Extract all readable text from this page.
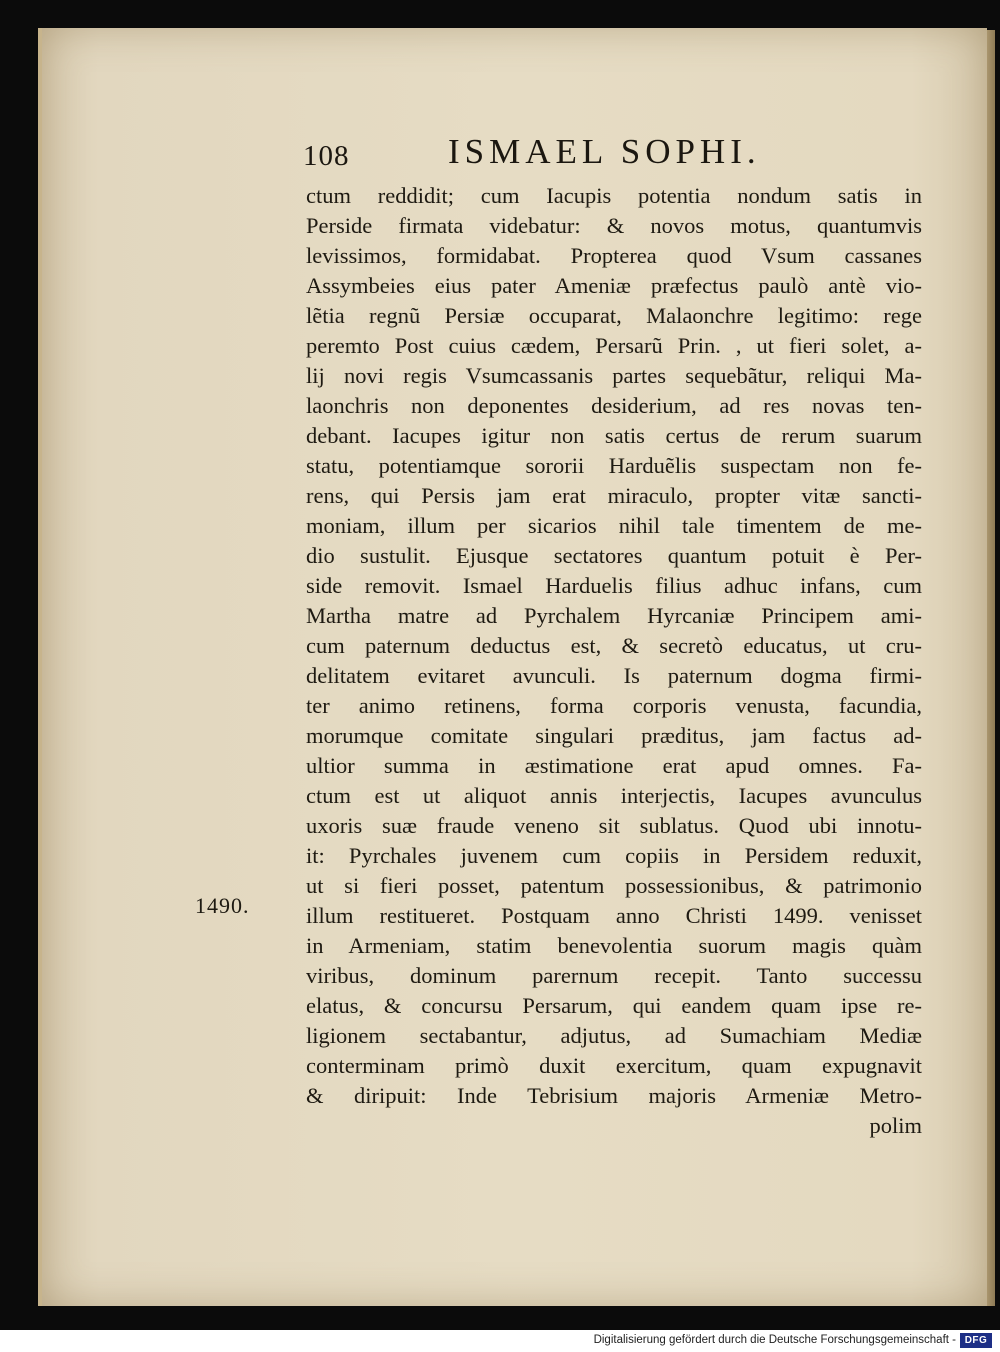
108	ISMAEL SOPHI.
1490.
ctum reddidit; cum Iacupis potentia nondum satis in
Perside firmata videbatur: & novos motus, quantumvis
levissimos, formidabat. Propterea quod Vsum cassanes
Assymbeies eius pater Ameniæ præfectus paulò antè vio-
lẽtia regnũ Persiæ occuparat, Malaonchre legitimo: rege
peremto Post cuius cædem, Persarũ Prin. , ut fieri solet, a-
lij novi regis Vsumcassanis partes sequebãtur, reliqui Ma-
laonchris non deponentes desiderium, ad res novas ten-
debant. Iacupes igitur non satis certus de rerum suarum
statu, potentiamque sororii Harduẽlis suspectam non fe-
rens, qui Persis jam erat miraculo, propter vitæ sancti-
moniam, illum per sicarios nihil tale timentem de me-
dio sustulit. Ejusque sectatores quantum potuit è Per-
side removit. Ismael Harduelis filius adhuc infans, cum
Martha matre ad Pyrchalem Hyrcaniæ Principem ami-
cum paternum deductus est, & secretò educatus, ut cru-
delitatem evitaret avunculi. Is paternum dogma firmi-
ter animo retinens, forma corporis venusta, facundia,
morumque comitate singulari præditus, jam factus ad-
ultior summa in æstimatione erat apud omnes. Fa-
ctum est ut aliquot annis interjectis, Iacupes avunculus
uxoris suæ fraude veneno sit sublatus. Quod ubi innotu-
it: Pyrchales juvenem cum copiis in Persidem reduxit,
ut si fieri posset, patentum possessionibus, & patrimonio
illum restitueret. Postquam anno Christi 1499. venisset
in Armeniam, statim benevolentia suorum magis quàm
viribus, dominum parernum recepit. Tanto successu
elatus, & concursu Persarum, qui eandem quam ipse re-
ligionem sectabantur, adjutus, ad Sumachiam Mediæ
conterminam primò duxit exercitum, quam expugnavit
& diripuit: Inde Tebrisium majoris Armeniæ Metro-
polim
Digitalisierung gefördert durch die Deutsche Forschungsgemeinschaft - DFG
